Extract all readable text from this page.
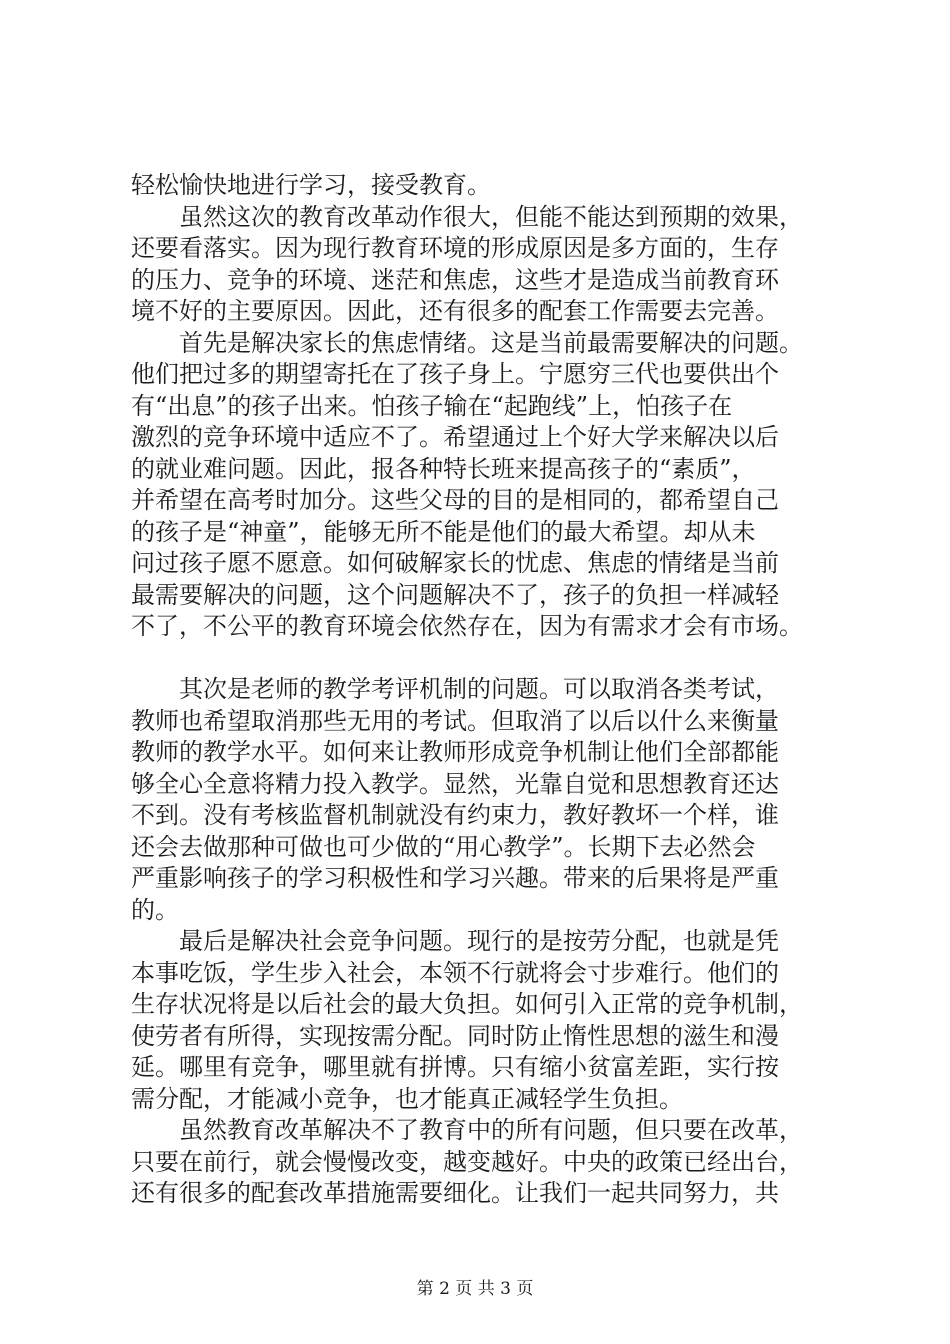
轻松愉快地进行学习，接受教育。
　　虽然这次的教育改革动作很大，但能不能达到预期的效果，
还要看落实。因为现行教育环境的形成原因是多方面的，生存
的压力、竞争的环境、迷茫和焦虑，这些才是造成当前教育环
境不好的主要原因。因此，还有很多的配套工作需要去完善。
　　首先是解决家长的焦虑情绪。这是当前最需要解决的问题。
他们把过多的期望寄托在了孩子身上。宁愿穷三代也要供出个
有“出息”的孩子出来。怕孩子输在“起跑线”上，怕孩子在
激烈的竞争环境中适应不了。希望通过上个好大学来解决以后
的就业难问题。因此，报各种特长班来提高孩子的“素质”，
并希望在高考时加分。这些父母的目的是相同的，都希望自己
的孩子是“神童”，能够无所不能是他们的最大希望。却从未
问过孩子愿不愿意。如何破解家长的忧虑、焦虑的情绪是当前
最需要解决的问题，这个问题解决不了，孩子的负担一样减轻
不了，不公平的教育环境会依然存在，因为有需求才会有市场。
　　其次是老师的教学考评机制的问题。可以取消各类考试，
教师也希望取消那些无用的考试。但取消了以后以什么来衡量
教师的教学水平。如何来让教师形成竞争机制让他们全部都能
够全心全意将精力投入教学。显然，光靠自觉和思想教育还达
不到。没有考核监督机制就没有约束力，教好教坏一个样，谁
还会去做那种可做也可少做的“用心教学”。长期下去必然会
严重影响孩子的学习积极性和学习兴趣。带来的后果将是严重
的。
　　最后是解决社会竞争问题。现行的是按劳分配，也就是凭
本事吃饭，学生步入社会，本领不行就将会寸步难行。他们的
生存状况将是以后社会的最大负担。如何引入正常的竞争机制，
使劳者有所得，实现按需分配。同时防止惰性思想的滋生和漫
延。哪里有竞争，哪里就有拼博。只有缩小贫富差距，实行按
需分配，才能减小竞争，也才能真正减轻学生负担。
　　虽然教育改革解决不了教育中的所有问题，但只要在改革，
只要在前行，就会慢慢改变，越变越好。中央的政策已经出台，
还有很多的配套改革措施需要细化。让我们一起共同努力，共
第 2 页 共 3 页
